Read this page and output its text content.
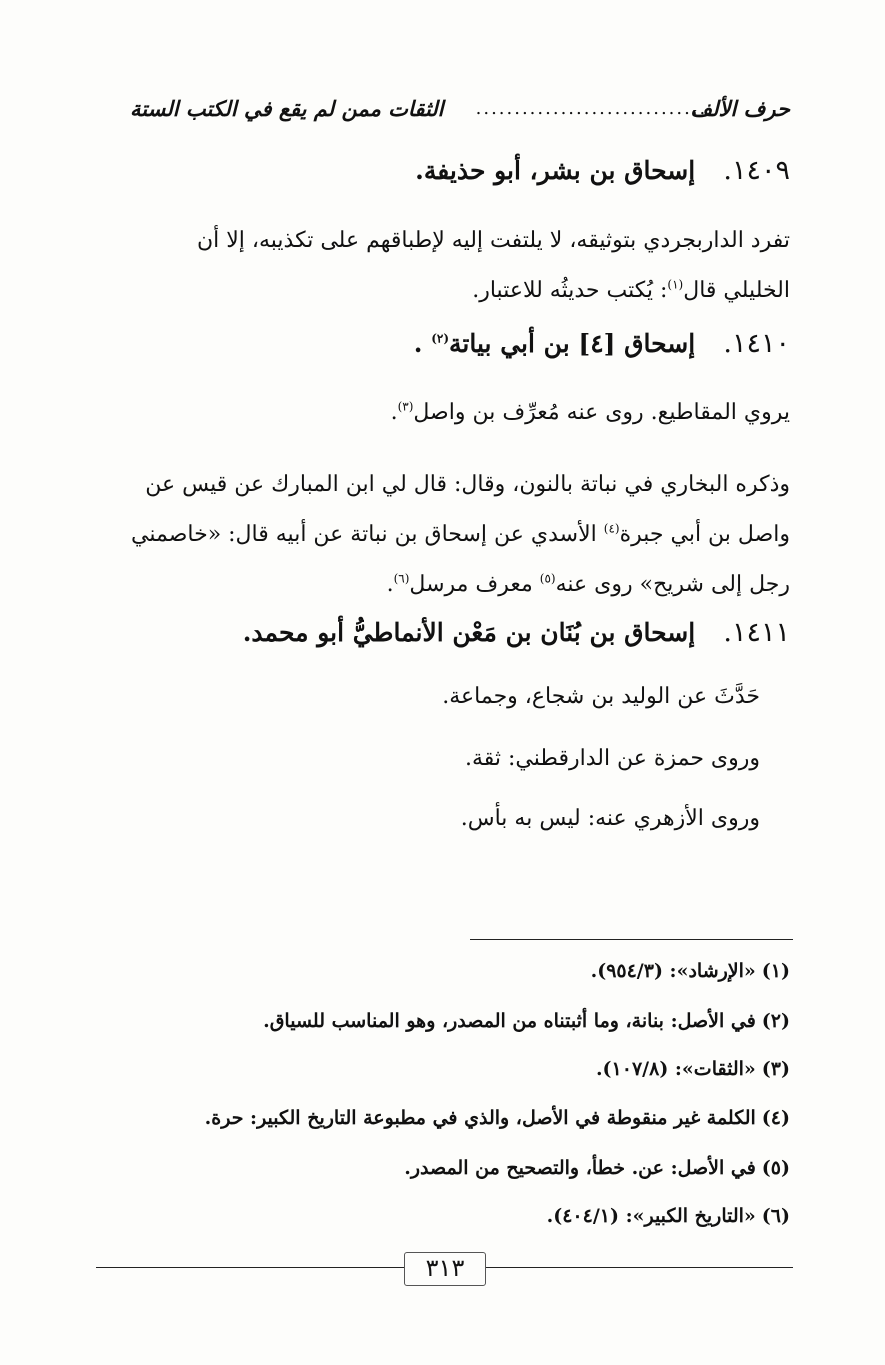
حرف الألف
...............................
الثقات ممن لم يقع في الكتب الستة
١٤٠٩.  إسحاق بن بشر، أبو حذيفة.
تفرد الداربجردي بتوثيقه، لا يلتفت إليه لإطباقهم على تكذيبه، إلا أن
الخليلي قال$^{(١)}$: يُكتب حديثُه للاعتبار.
١٤١٠.  إسحاق [٤] بن أبي بياتة$^{(٢)}$ .
يروي المقاطيع. روى عنه مُعرِّف بن واصل$^{(٣)}$.
وذكره البخاري في نباتة بالنون، وقال: قال لي ابن المبارك عن قيس عن
واصل بن أبي جبرة$^{(٤)}$ الأسدي عن إسحاق بن نباتة عن أبيه قال: «خاصمني
رجل إلى شريح» روى عنه$^{(٥)}$ معرف مرسل$^{(٦)}$.
١٤١١.  إسحاق بن بُنَان بن مَعْن الأنماطيُّ أبو محمد.
حَدَّثَ عن الوليد بن شجاع، وجماعة.
وروى حمزة عن الدارقطني: ثقة.
وروى الأزهري عنه: ليس به بأس.
(١)«الإرشاد»: (٩٥٤/٣).
(٢)في الأصل: بنانة، وما أثبتناه من المصدر، وهو المناسب للسياق.
(٣)«الثقات»: (١٠٧/٨).
(٤)الكلمة غير منقوطة في الأصل، والذي في مطبوعة التاريخ الكبير: حرة.
(٥)في الأصل: عن. خطأ، والتصحيح من المصدر.
(٦)«التاريخ الكبير»: (٤٠٤/١).
٣١٣
